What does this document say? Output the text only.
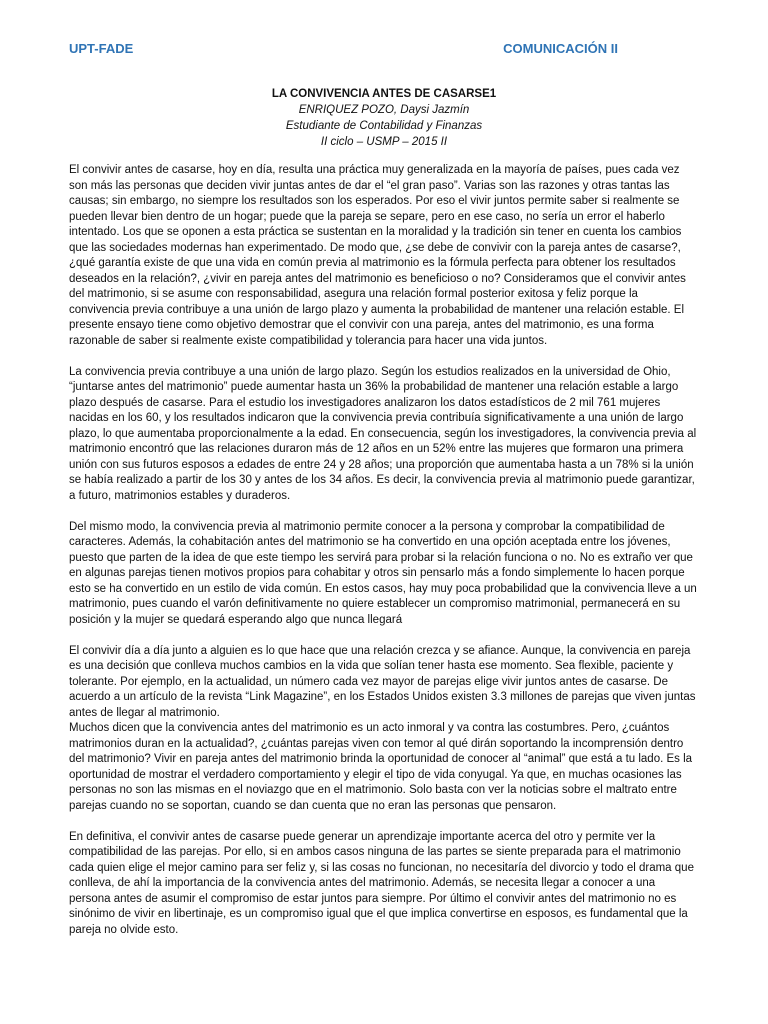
UPT-FADE	COMUNICACIÓN II
LA CONVIVENCIA ANTES DE CASARSE1
ENRIQUEZ POZO, Daysi Jazmín
Estudiante de Contabilidad y Finanzas
II ciclo – USMP – 2015 II

El convivir antes de casarse, hoy en día, resulta una práctica muy generalizada en la mayoría de países, pues cada vez son más las personas que deciden vivir juntas antes de dar el “el gran paso”. Varias son las razones y otras tantas las causas; sin embargo, no siempre los resultados son los esperados. Por eso el vivir juntos permite saber si realmente se pueden llevar bien dentro de un hogar; puede que la pareja se separe, pero en ese caso, no sería un error el haberlo intentado. Los que se oponen a esta práctica se sustentan en la moralidad y la tradición sin tener en cuenta los cambios que las sociedades modernas han experimentado. De modo que, ¿se debe de convivir con la pareja antes de casarse?, ¿qué garantía existe de que una vida en común previa al matrimonio es la fórmula perfecta para obtener los resultados deseados en la relación?, ¿vivir en pareja antes del matrimonio es beneficioso o no? Consideramos que el convivir antes del matrimonio, si se asume con responsabilidad, asegura una relación formal posterior exitosa y feliz porque la convivencia previa contribuye a una unión de largo plazo y aumenta la probabilidad de mantener una relación estable. El presente ensayo tiene como objetivo demostrar que el convivir con una pareja, antes del matrimonio, es una forma razonable de saber si realmente existe compatibilidad y tolerancia para hacer una vida juntos.

La convivencia previa contribuye a una unión de largo plazo. Según los estudios realizados en la universidad de Ohio, “juntarse antes del matrimonio” puede aumentar hasta un 36% la probabilidad de mantener una relación estable a largo plazo después de casarse. Para el estudio los investigadores analizaron los datos estadísticos de 2 mil 761 mujeres nacidas en los 60, y los resultados indicaron que la convivencia previa contribuía significativamente a una unión de largo plazo, lo que aumentaba proporcionalmente a la edad. En consecuencia, según los investigadores, la convivencia previa al matrimonio encontró que las relaciones duraron más de 12 años en un 52% entre las mujeres que formaron una primera unión con sus futuros esposos a edades de entre 24 y 28 años; una proporción que aumentaba hasta a un 78% si la unión se había realizado a partir de los 30 y antes de los 34 años. Es decir, la convivencia previa al matrimonio puede garantizar, a futuro, matrimonios estables y duraderos.

Del mismo modo, la convivencia previa al matrimonio permite conocer a la persona y comprobar la compatibilidad de caracteres. Además, la cohabitación antes del matrimonio se ha convertido en una opción aceptada entre los jóvenes, puesto que parten de la idea de que este tiempo les servirá para probar si la relación funciona o no. No es extraño ver que en algunas parejas tienen motivos propios para cohabitar y otros sin pensarlo más a fondo simplemente lo hacen porque esto se ha convertido en un estilo de vida común. En estos casos, hay muy poca probabilidad que la convivencia lleve a un matrimonio, pues cuando el varón definitivamente no quiere establecer un compromiso matrimonial, permanecerá en su posición y la mujer se quedará esperando algo que nunca llegará

El convivir día a día junto a alguien es lo que hace que una relación crezca y se afiance. Aunque, la convivencia en pareja es una decisión que conlleva muchos cambios en la vida que solían tener hasta ese momento. Sea flexible, paciente y tolerante. Por ejemplo, en la actualidad, un número cada vez mayor de parejas elige vivir juntos antes de casarse. De acuerdo a un artículo de la revista “Link Magazine”, en los Estados Unidos existen 3.3 millones de parejas que viven juntas antes de llegar al matrimonio.

Muchos dicen que la convivencia antes del matrimonio es un acto inmoral y va contra las costumbres. Pero, ¿cuántos matrimonios duran en la actualidad?, ¿cuántas parejas viven con temor al qué dirán soportando la incomprensión dentro del matrimonio? Vivir en pareja antes del matrimonio brinda la oportunidad de conocer al “animal” que está a tu lado. Es la oportunidad de mostrar el verdadero comportamiento y elegir el tipo de vida conyugal. Ya que, en muchas ocasiones las personas no son las mismas en el noviazgo que en el matrimonio. Solo basta con ver la noticias sobre el maltrato entre parejas cuando no se soportan, cuando se dan cuenta que no eran las personas que pensaron.

En definitiva, el convivir antes de casarse puede generar un aprendizaje importante acerca del otro y permite ver la compatibilidad de las parejas. Por ello, si en ambos casos ninguna de las partes se siente preparada para el matrimonio cada quien elige el mejor camino para ser feliz y, si las cosas no funcionan, no necesitaría del divorcio y todo el drama que conlleva, de ahí la importancia de la convivencia antes del matrimonio. Además, se necesita llegar a conocer a una persona antes de asumir el compromiso de estar juntos para siempre. Por último el convivir antes del matrimonio no es sinónimo de vivir en libertinaje, es un compromiso igual que el que implica convertirse en esposos, es fundamental que la pareja no olvide esto.
